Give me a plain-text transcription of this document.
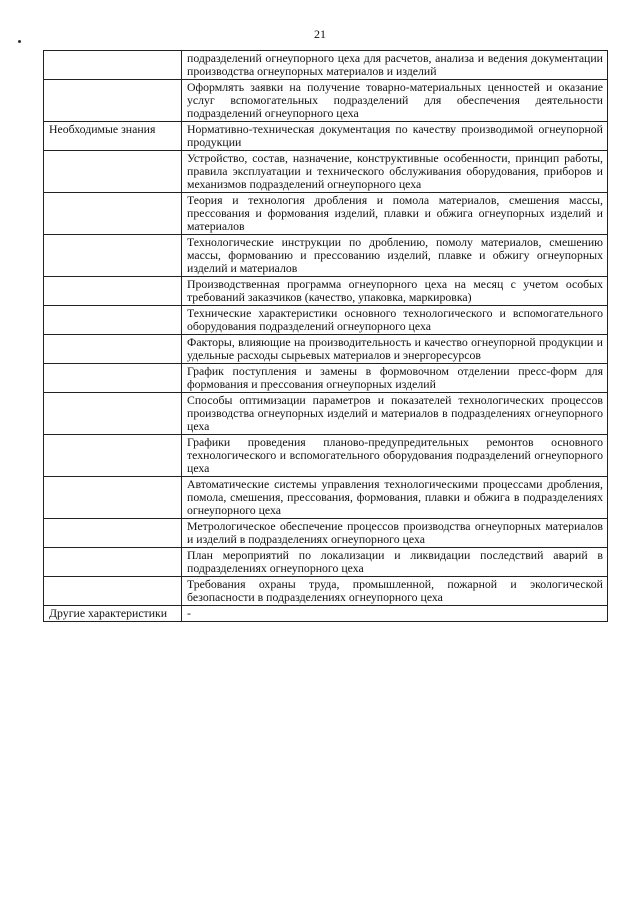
21
	подразделений огнеупорного цеха для расчетов, анализа и ведения документации производства огнеупорных материалов и изделий
	Оформлять заявки на получение товарно-материальных ценностей и оказание услуг вспомогательных подразделений для обеспечения деятельности подразделений огнеупорного цеха
Необходимые знания	Нормативно-техническая документация по качеству производимой огнеупорной продукции
	Устройство, состав, назначение, конструктивные особенности, принцип работы, правила эксплуатации и технического обслуживания оборудования, приборов и механизмов подразделений огнеупорного цеха
	Теория и технология дробления и помола материалов, смешения массы, прессования и формования изделий, плавки и обжига огнеупорных изделий и материалов
	Технологические инструкции по дроблению, помолу материалов, смешению массы, формованию и прессованию изделий, плавке и обжигу огнеупорных изделий и материалов
	Производственная программа огнеупорного цеха на месяц с учетом особых требований заказчиков (качество, упаковка, маркировка)
	Технические характеристики основного технологического и вспомогательного оборудования подразделений огнеупорного цеха
	Факторы, влияющие на производительность и качество огнеупорной продукции и удельные расходы сырьевых материалов и энергоресурсов
	График поступления и замены в формовочном отделении пресс-форм для формования и прессования огнеупорных изделий
	Способы оптимизации параметров и показателей технологических процессов производства огнеупорных изделий и материалов в подразделениях огнеупорного цеха
	Графики проведения планово-предупредительных ремонтов основного технологического и вспомогательного оборудования подразделений огнеупорного цеха
	Автоматические системы управления технологическими процессами дробления, помола, смешения, прессования, формования, плавки и обжига в подразделениях огнеупорного цеха
	Метрологическое обеспечение процессов производства огнеупорных материалов и изделий в подразделениях огнеупорного цеха
	План мероприятий по локализации и ликвидации последствий аварий в подразделениях огнеупорного цеха
	Требования охраны труда, промышленной, пожарной и экологической безопасности в подразделениях огнеупорного цеха
Другие характеристики	-
